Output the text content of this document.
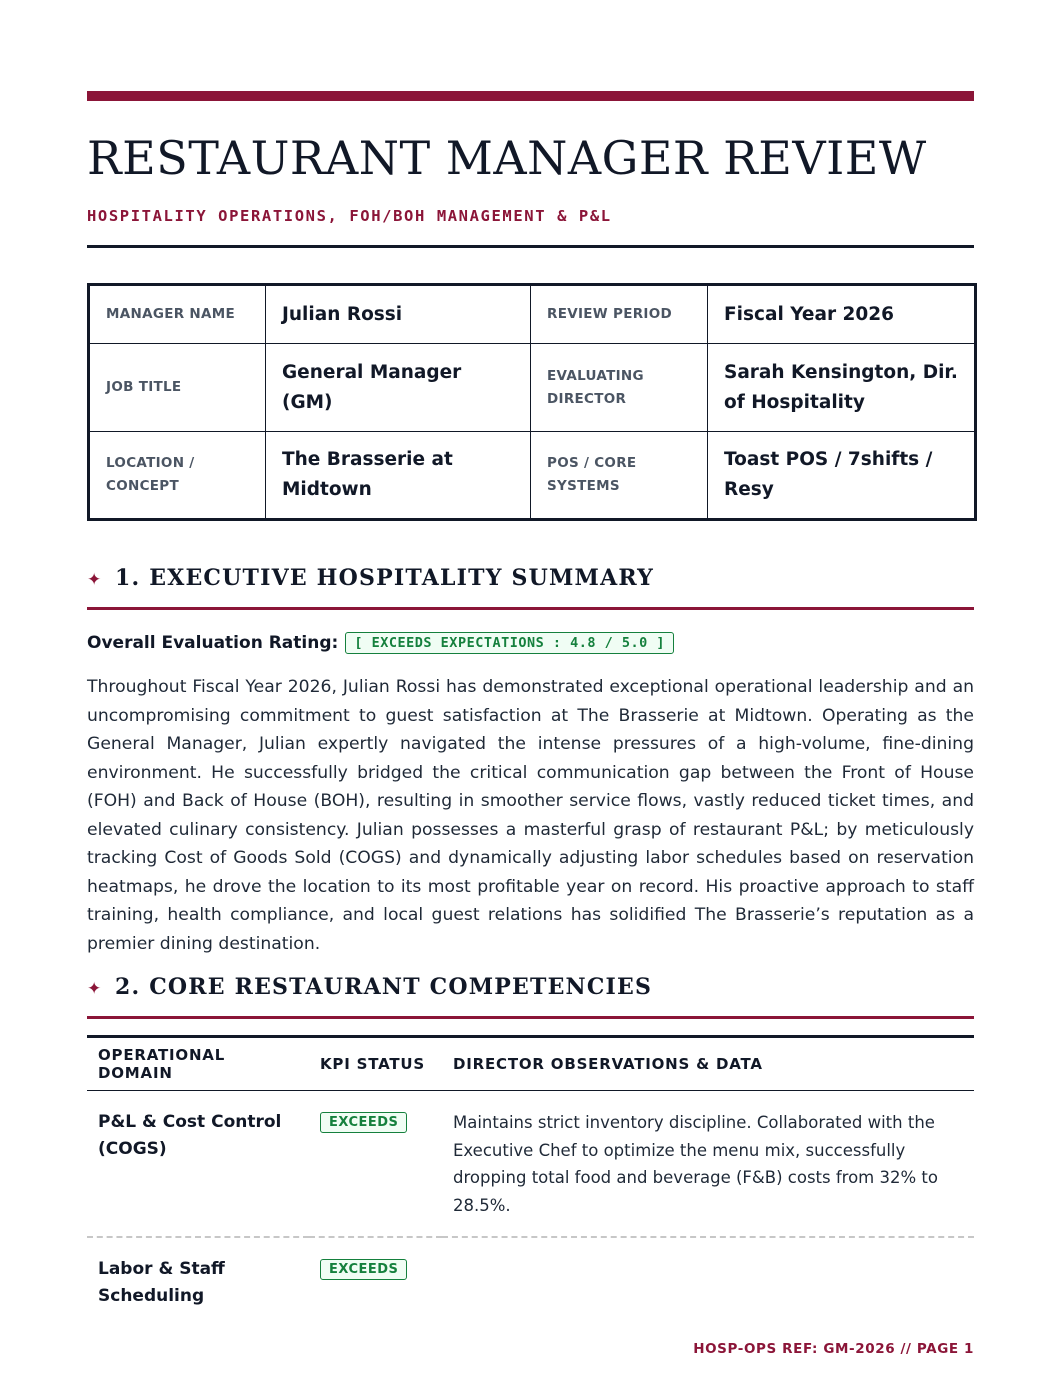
RESTAURANT MANAGER REVIEW
HOSPITALITY OPERATIONS, FOH/BOH MANAGEMENT & P&L
MANAGER NAME	Julian Rossi	REVIEW PERIOD	Fiscal Year 2026
JOB TITLE	General Manager (GM)	EVALUATING DIRECTOR	Sarah Kensington, Dir. of Hospitality
LOCATION / CONCEPT	The Brasserie at Midtown	POS / CORE SYSTEMS	Toast POS / 7shifts / Resy
✦ 1. EXECUTIVE HOSPITALITY SUMMARY
Overall Evaluation Rating: [ EXCEEDS EXPECTATIONS : 4.8 / 5.0 ]

Throughout Fiscal Year 2026, Julian Rossi has demonstrated exceptional operational leadership and an uncompromising commitment to guest satisfaction at The Brasserie at Midtown. Operating as the General Manager, Julian expertly navigated the intense pressures of a high-volume, fine-dining environment. He successfully bridged the critical communication gap between the Front of House (FOH) and Back of House (BOH), resulting in smoother service flows, vastly reduced ticket times, and elevated culinary consistency. Julian possesses a masterful grasp of restaurant P&L; by meticulously tracking Cost of Goods Sold (COGS) and dynamically adjusting labor schedules based on reservation heatmaps, he drove the location to its most profitable year on record. His proactive approach to staff training, health compliance, and local guest relations has solidified The Brasserie’s reputation as a premier dining destination.

✦ 2. CORE RESTAURANT COMPETENCIES
OPERATIONAL DOMAIN	KPI STATUS	DIRECTOR OBSERVATIONS & DATA
P&L & Cost Control (COGS)	EXCEEDS	Maintains strict inventory discipline. Collaborated with the Executive Chef to optimize the menu mix, successfully dropping total food and beverage (F&B) costs from 32% to 28.5%.
Labor & Staff Scheduling	EXCEEDS	
HOSP-OPS REF: GM-2026 // PAGE 1
